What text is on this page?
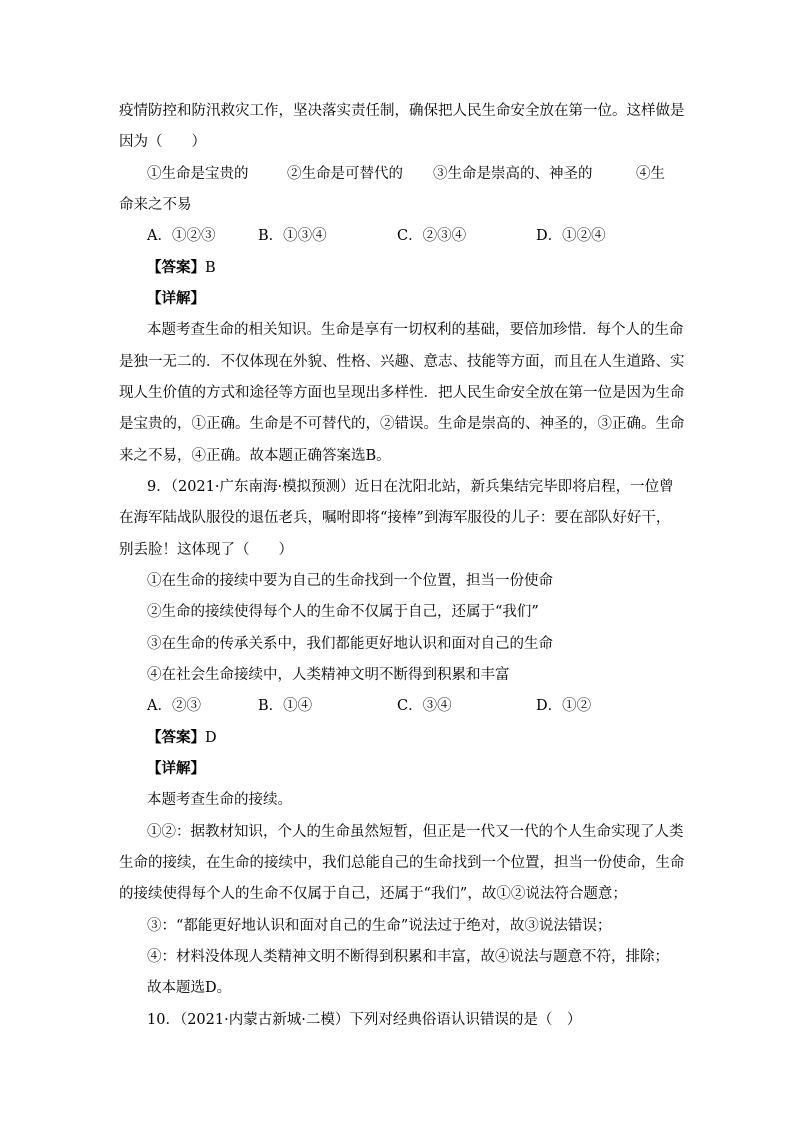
疫情防控和防汛救灾工作，坚决落实责任制，确保把人民生命安全放在第一位。这样做是
因为（　　）
①生命是宝贵的	②生命是可替代的 ③生命是崇高的、神圣的	④生
命来之不易
A．①②③	B．①③④	C．②③④	D．①②④
【答案】B
【详解】
本题考查生命的相关知识。生命是享有一切权利的基础，要倍加珍惜．每个人的生命
是独一无二的．不仅体现在外貌、性格、兴趣、意志、技能等方面，而且在人生道路、实
现人生价值的方式和途径等方面也呈现出多样性．把人民生命安全放在第一位是因为生命
是宝贵的，①正确。生命是不可替代的，②错误。生命是崇高的、神圣的，③正确。生命
来之不易，④正确。故本题正确答案选B。
9．（2021·广东南海·模拟预测）近日在沈阳北站，新兵集结完毕即将启程，一位曾
在海军陆战队服役的退伍老兵，嘱咐即将“接棒”到海军服役的儿子：要在部队好好干，
别丢脸！这体现了（　　）
①在生命的接续中要为自己的生命找到一个位置，担当一份使命
②生命的接续使得每个人的生命不仅属于自己，还属于“我们”
③在生命的传承关系中，我们都能更好地认识和面对自己的生命
④在社会生命接续中，人类精神文明不断得到积累和丰富
A．②③	B．①④	C．③④	D．①②
【答案】D
【详解】
本题考查生命的接续。
①②：据教材知识，个人的生命虽然短暂，但正是一代又一代的个人生命实现了人类
生命的接续，在生命的接续中，我们总能自己的生命找到一个位置，担当一份使命，生命
的接续使得每个人的生命不仅属于自己，还属于“我们”，故①②说法符合题意；
③：“都能更好地认识和面对自己的生命”说法过于绝对，故③说法错误；
④：材料没体现人类精神文明不断得到积累和丰富，故④说法与题意不符，排除；
故本题选D。
10．（2021·内蒙古新城·二模）下列对经典俗语认识错误的是（　）
